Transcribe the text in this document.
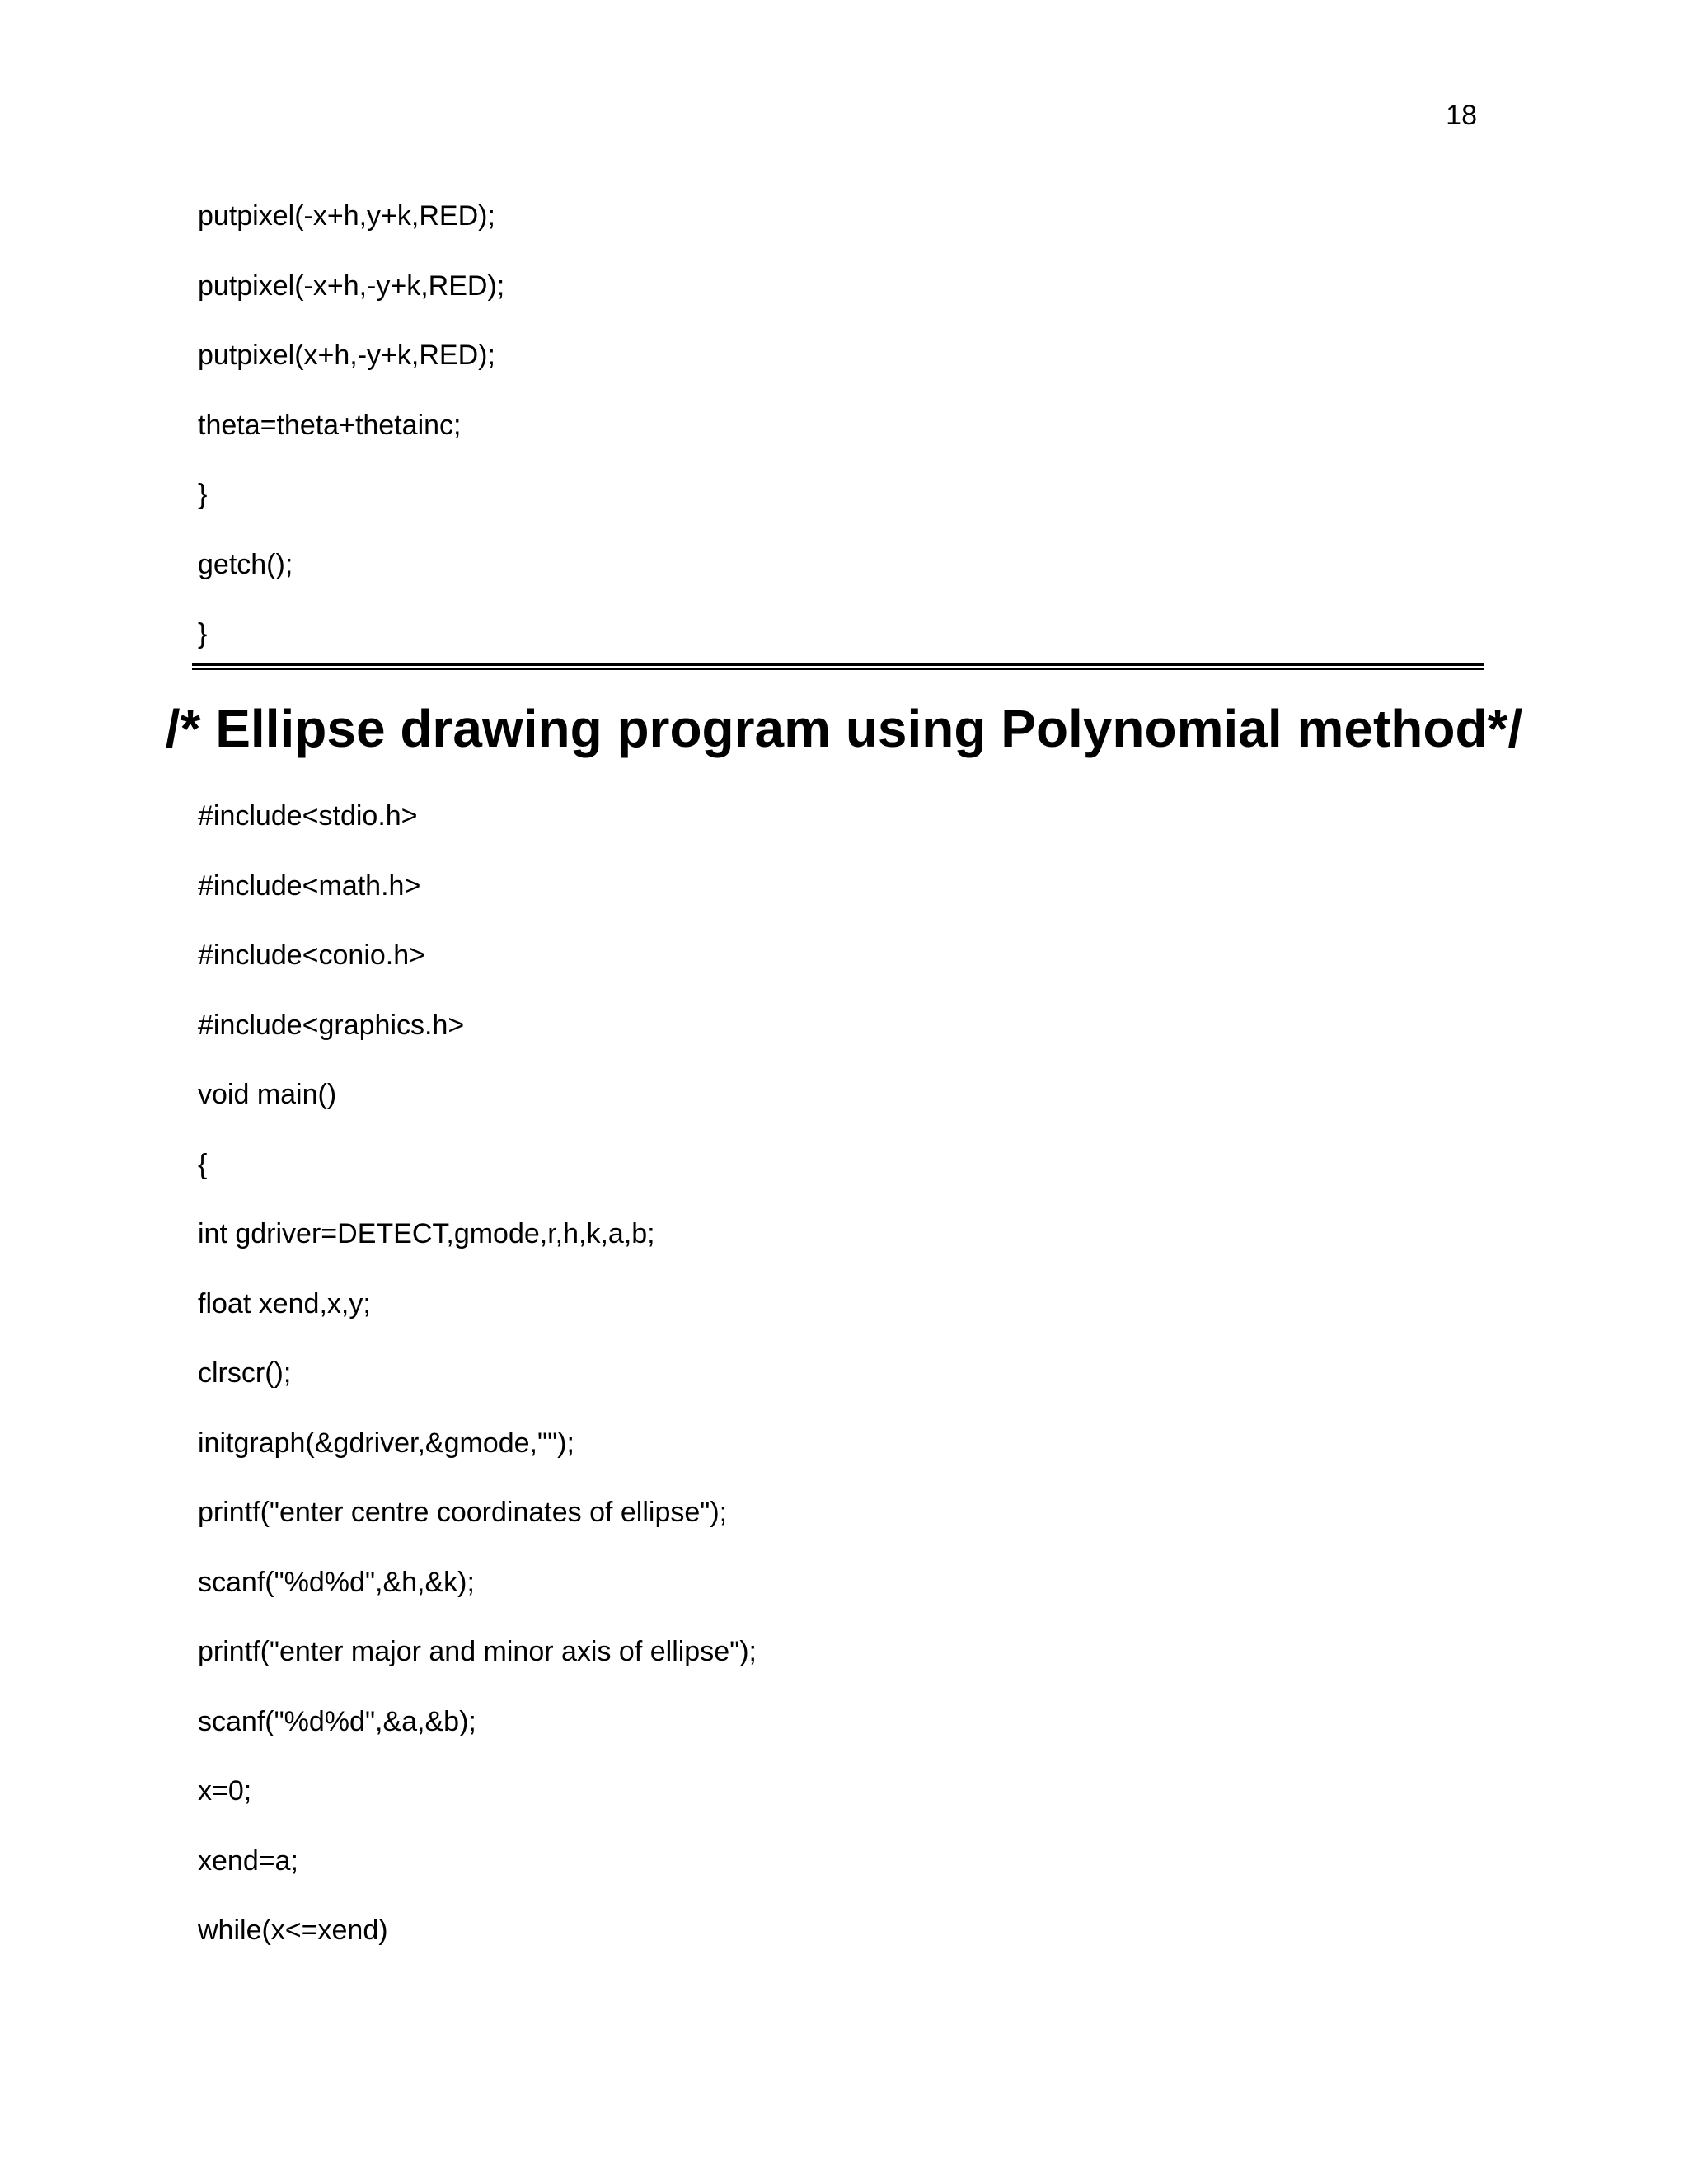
18
putpixel(-x+h,y+k,RED);
putpixel(-x+h,-y+k,RED);
putpixel(x+h,-y+k,RED);
theta=theta+thetainc;
}
getch();
}
/* Ellipse drawing program using Polynomial method*/
#include<stdio.h>
#include<math.h>
#include<conio.h>
#include<graphics.h>
void main()
{
int gdriver=DETECT,gmode,r,h,k,a,b;
float xend,x,y;
clrscr();
initgraph(&gdriver,&gmode,"");
printf("enter centre coordinates of ellipse");
scanf("%d%d",&h,&k);
printf("enter major and minor axis of ellipse");
scanf("%d%d",&a,&b);
x=0;
xend=a;
while(x<=xend)
